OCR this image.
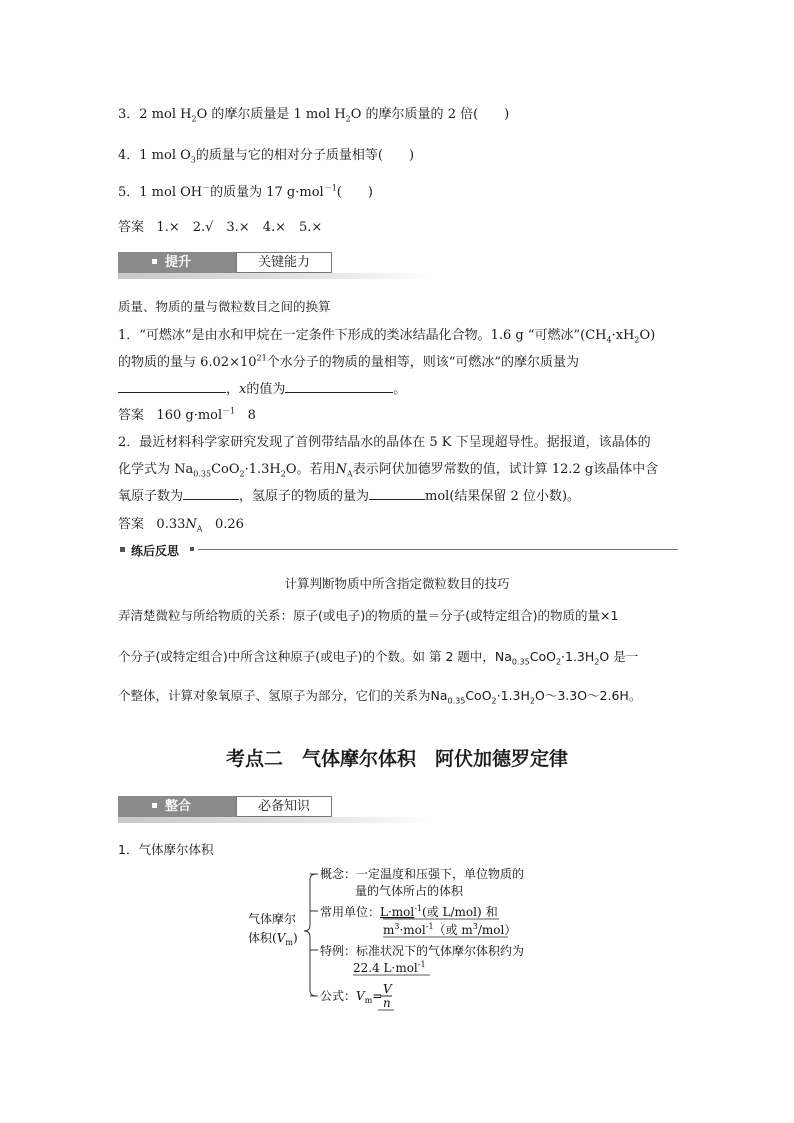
3．2 mol $H_2O$ 的摩尔质量是 1 mol $H_2O$ 的摩尔质量的 2 倍(　　)
4．1 mol $O_3$的质量与它的相对分子质量相等(　　)
5．1 mol OH－的质量为 17 g·mol$^{-1}$(　　)
答案 1.×　2.√　3.×　4.×　5.×
提升	关键能力
质量、物质的量与微粒数目之间的换算
1．“可燃冰”是由水和甲烷在一定条件下形成的类冰结晶化合物。1.6 g “可燃冰$”(CH_4\cdot xH_2O)$
的物质的量与 $6.02\times 10^{21}$个水分子的物质的量相等，则该“可燃冰”的摩尔质量为
，x的值为	。
答案 160 g·mol$^{-1}$ 8
2．最近材料科学家研究发现了首例带结晶水的晶体在 5 K 下呈现超导性。据报道，该晶体的
化学式为 $Na_{0.35}CoO_2\cdot 1.3H_2O$。若用$N_A$表示阿伏加德罗常数的值，试计算 12.2 g该晶体中含
氧原子数为	，氢原子的物质的量为	mol(结果保留 2 位小数)。
答案 $0.33N_A$ 0.26
练后反思
计算判断物质中所含指定微粒数目的技巧
弄清楚微粒与所给物质的关系：原子(或电子)的物质的量＝分子(或特定组合)的物质的量×1
个分子(或特定组合)中所含这种原子(或电子)的个数。如 第 2 题中，$Na_{0.35}CoO_2\cdot 1.3H_2O$ 是一
个整体，计算对象氧原子、氢原子为部分，它们的关系为$Na_{0.35}CoO_2\cdot 1.3H_2O\sim 3.3O\sim 2.6H$。
考点二　气体摩尔体积　阿伏加德罗定律
整合	必备知识
1．气体摩尔体积
气体摩尔
体积$(V_m)$
概念：一定温度和压强下，单位物质的
量的气体所占的体积
常用单位：L·mol$^{-1}$(或 L/mol) 和
$m^3\cdot mol^{-1}$（或 $m^3/mol$）
特例：标准状况下的气体摩尔体积约为
22.4 L·mol$^{-1}$
公式：$V_m= V$
n
